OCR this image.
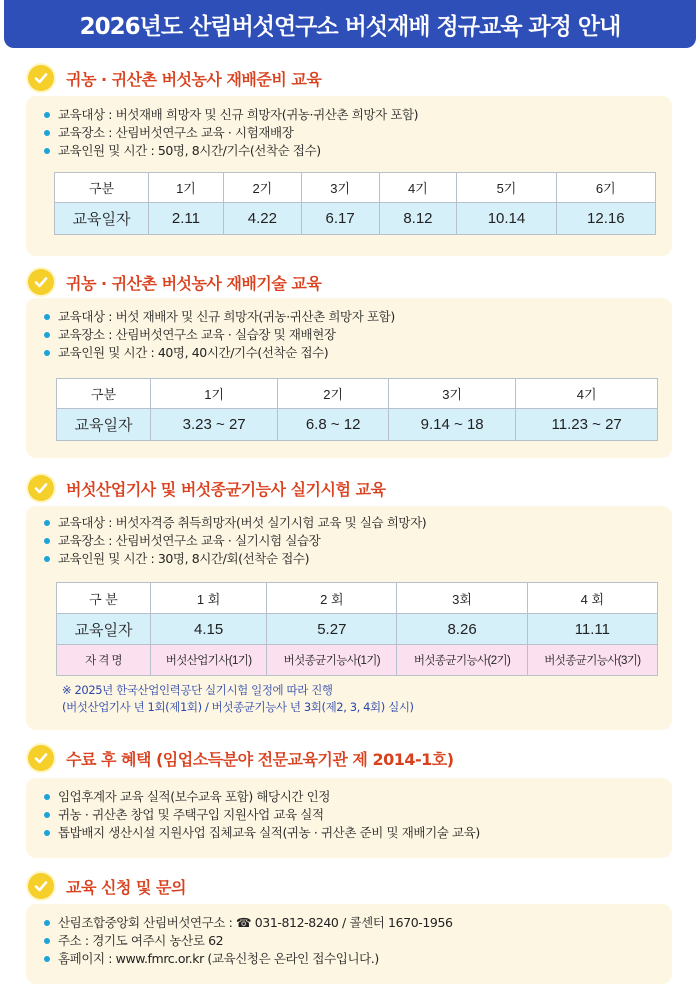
2026년도 산림버섯연구소 버섯재배 정규교육 과정 안내
귀농 · 귀산촌 버섯농사 재배준비 교육
교육대상 : 버섯재배 희망자 및 신규 희망자(귀농·귀산촌 희망자 포함)
교육장소 : 산림버섯연구소 교육 · 시험재배장
교육인원 및 시간 : 50명, 8시간/기수(선착순 접수)
구분	1기	2기	3기	4기	5기	6기
교육일자	2.11	4.22	6.17	8.12	10.14	12.16
귀농 · 귀산촌 버섯농사 재배기술 교육
교육대상 : 버섯 재배자 및 신규 희망자(귀농·귀산촌 희망자 포함)
교육장소 : 산림버섯연구소 교육 · 실습장 및 재배현장
교육인원 및 시간 : 40명, 40시간/기수(선착순 접수)
구분	1기	2기	3기	4기
교육일자	3.23 ~ 27	6.8 ~ 12	9.14 ~ 18	11.23 ~ 27
버섯산업기사 및 버섯종균기능사 실기시험 교육
교육대상 : 버섯자격증 취득희망자(버섯 실기시험 교육 및 실습 희망자)
교육장소 : 산림버섯연구소 교육 · 실기시험 실습장
교육인원 및 시간 : 30명, 8시간/회(선착순 접수)
구 분	1 회	2 회	3회	4 회
교육일자	4.15	5.27	8.26	11.11
자 격 명	버섯산업기사(1기)	버섯종균기능사(1기)	버섯종균기능사(2기)	버섯종균기능사(3기)
※ 2025년 한국산업인력공단 실기시험 일정에 따라 진행
(버섯산업기사 년 1회(제1회) / 버섯종균기능사 년 3회(제2, 3, 4회) 실시)
수료 후 혜택 (임업소득분야 전문교육기관 제 2014-1호)
임업후계자 교육 실적(보수교육 포함) 해당시간 인정
귀농 · 귀산촌 창업 및 주택구입 지원사업 교육 실적
톱밥배지 생산시설 지원사업 집체교육 실적(귀농 · 귀산촌 준비 및 재배기술 교육)
교육 신청 및 문의
산림조합중앙회 산림버섯연구소 : ☎ 031-812-8240 / 콜센터 1670-1956
주소 : 경기도 여주시 농산로 62
홈페이지 : www.fmrc.or.kr (교육신청은 온라인 접수입니다.)
